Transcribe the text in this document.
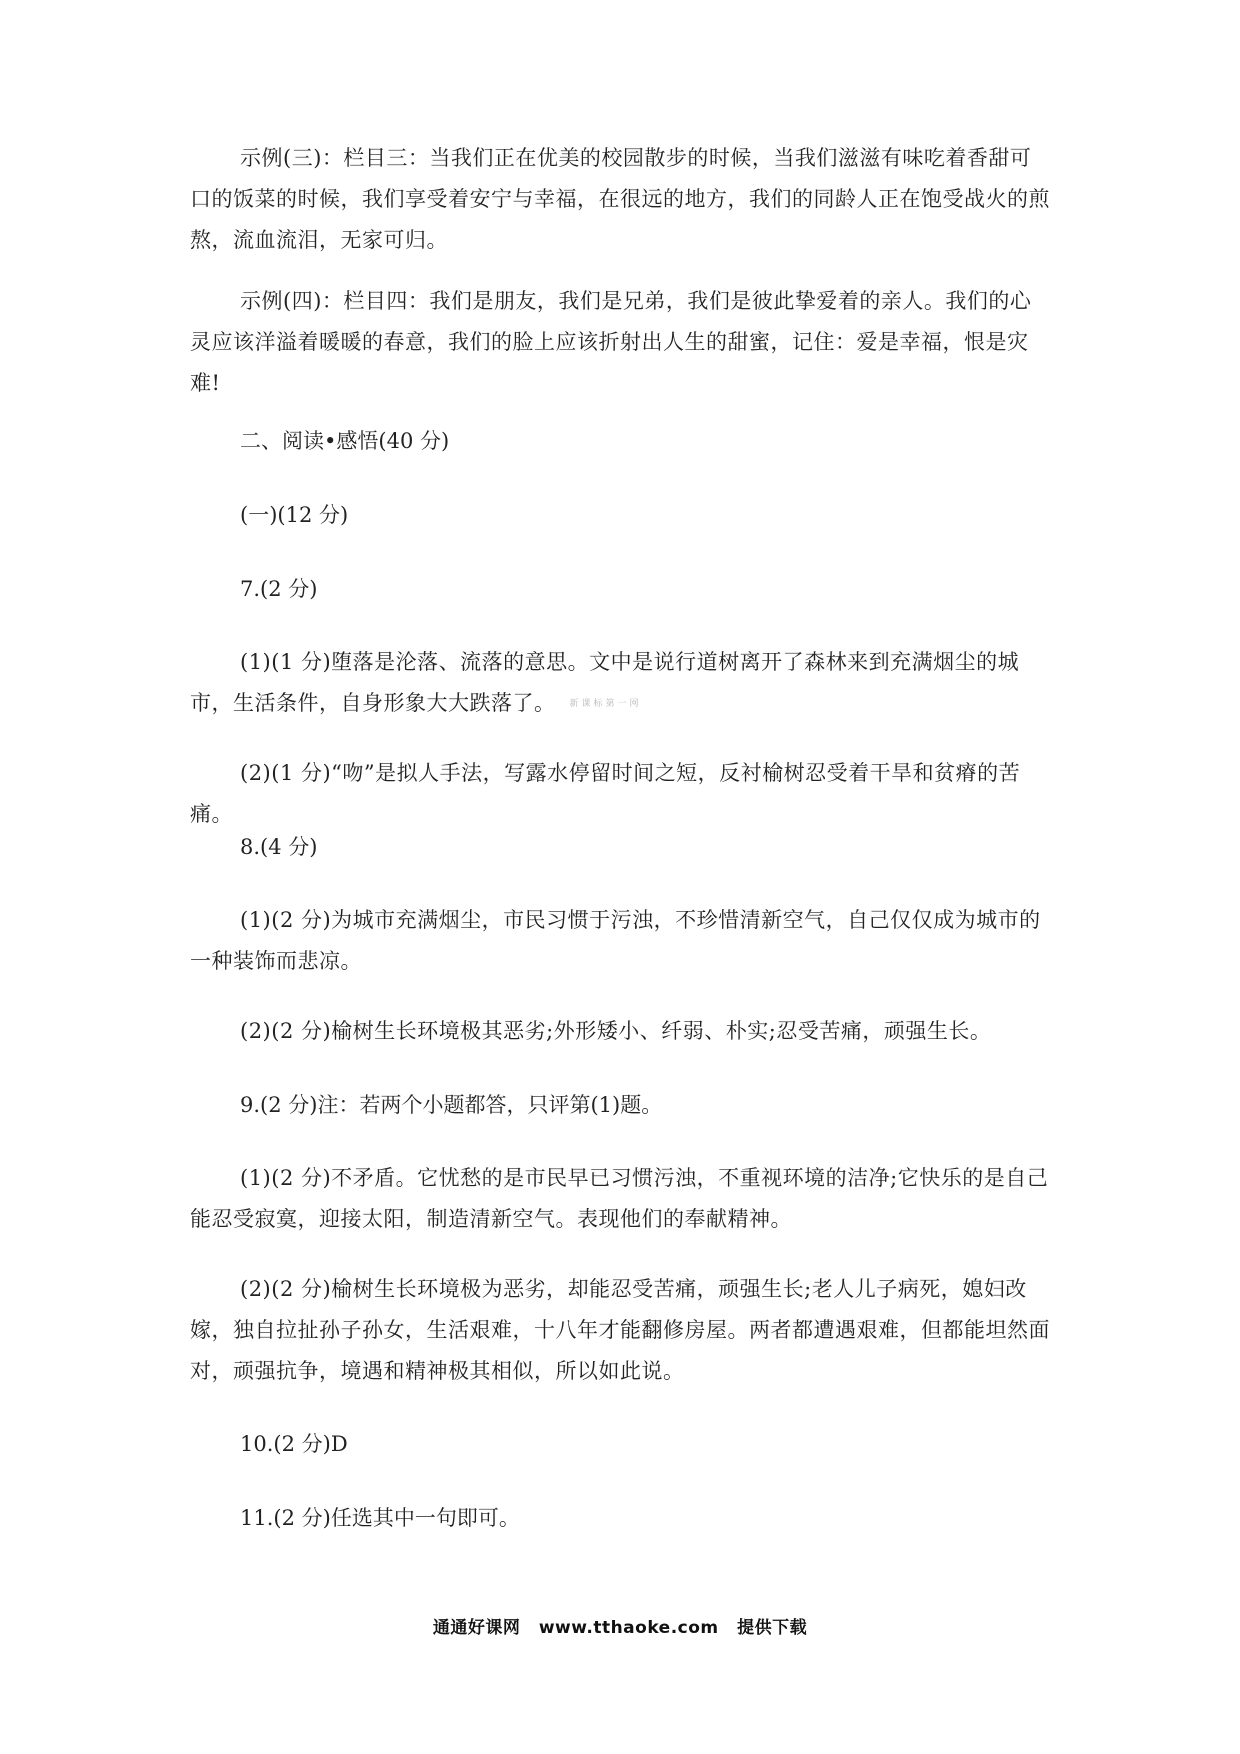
示例(三)：栏目三：当我们正在优美的校园散步的时候，当我们滋滋有味吃着香甜可口的饭菜的时候，我们享受着安宁与幸福，在很远的地方，我们的同龄人正在饱受战火的煎熬，流血流泪，无家可归。

示例(四)：栏目四：我们是朋友，我们是兄弟，我们是彼此挚爱着的亲人。我们的心灵应该洋溢着暖暖的春意，我们的脸上应该折射出人生的甜蜜，记住：爱是幸福，恨是灾难!

二、阅读•感悟(40 分)

(一)(12 分)

7.(2 分)

(1)(1 分)堕落是沦落、流落的意思。文中是说行道树离开了森林来到充满烟尘的城市，生活条件，自身形象大大跌落了。 新课标第一网

(2)(1 分)“吻”是拟人手法，写露水停留时间之短，反衬榆树忍受着干旱和贫瘠的苦痛。

8.(4 分)

(1)(2 分)为城市充满烟尘，市民习惯于污浊，不珍惜清新空气，自己仅仅成为城市的一种装饰而悲凉。

(2)(2 分)榆树生长环境极其恶劣;外形矮小、纤弱、朴实;忍受苦痛，顽强生长。

9.(2 分)注：若两个小题都答，只评第(1)题。

(1)(2 分)不矛盾。它忧愁的是市民早已习惯污浊，不重视环境的洁净;它快乐的是自己能忍受寂寞，迎接太阳，制造清新空气。表现他们的奉献精神。

(2)(2 分)榆树生长环境极为恶劣，却能忍受苦痛，顽强生长;老人儿子病死，媳妇改嫁，独自拉扯孙子孙女，生活艰难，十八年才能翻修房屋。两者都遭遇艰难，但都能坦然面对，顽强抗争，境遇和精神极其相似，所以如此说。

10.(2 分)D

11.(2 分)任选其中一句即可。

通通好课网 www.tthaoke.com 提供下载
